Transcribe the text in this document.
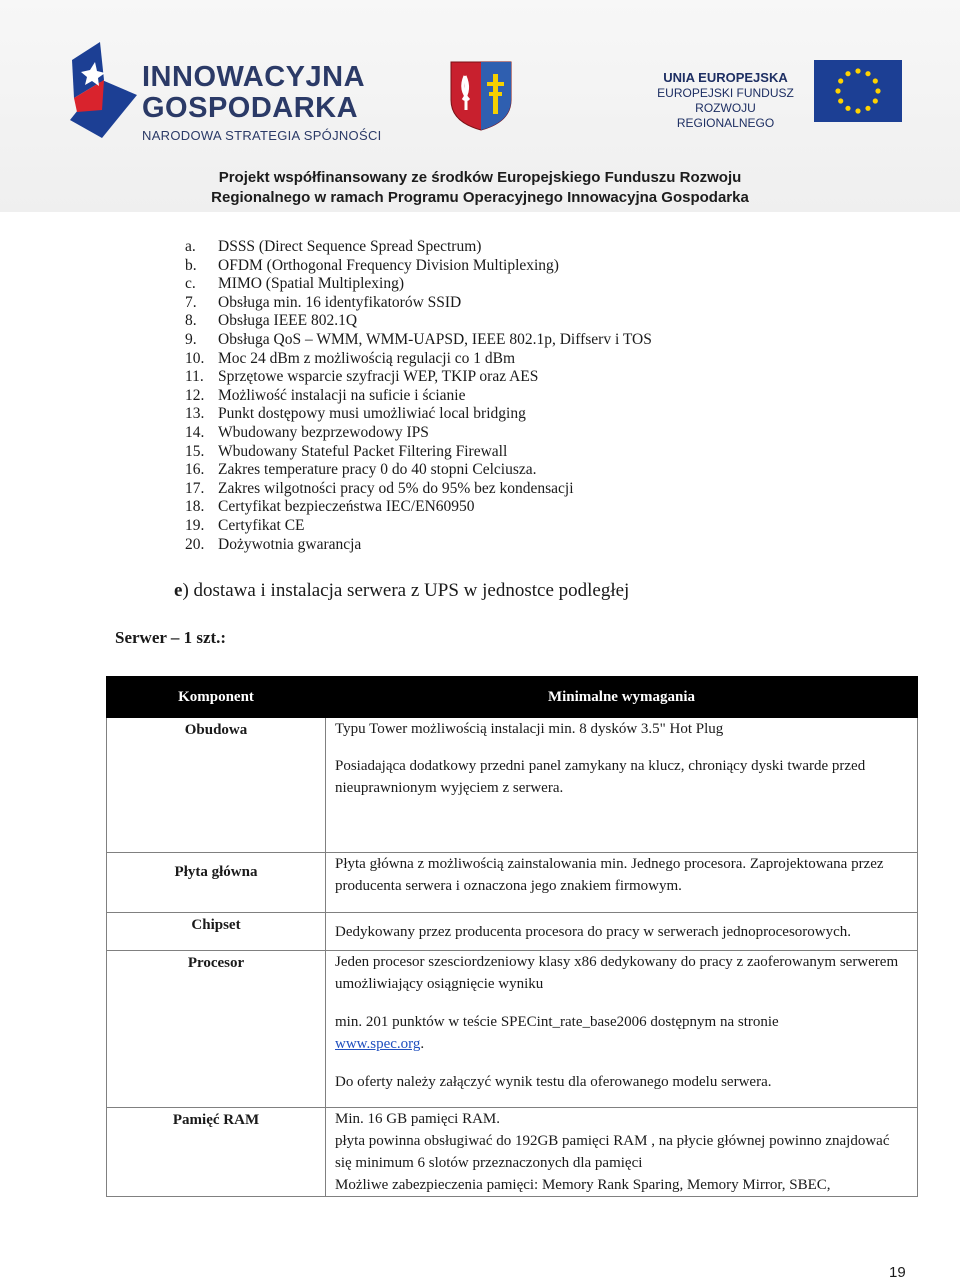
INNOWACYJNA
GOSPODARKA
NARODOWA STRATEGIA SPÓJNOŚCI
UNIA EUROPEJSKA
EUROPEJSKI FUNDUSZ
ROZWOJU REGIONALNEGO
Projekt współfinansowany ze środków Europejskiego Funduszu Rozwoju
Regionalnego w ramach Programu Operacyjnego Innowacyjna Gospodarka
a. DSSS (Direct Sequence Spread Spectrum)
b. OFDM (Orthogonal Frequency Division Multiplexing)
c. MIMO (Spatial Multiplexing)
7. Obsługa min. 16 identyfikatorów SSID
8. Obsługa IEEE 802.1Q
9. Obsługa QoS – WMM, WMM-UAPSD, IEEE 802.1p, Diffserv i TOS
10. Moc 24 dBm z możliwością regulacji co 1 dBm
11. Sprzętowe wsparcie szyfracji WEP, TKIP oraz AES
12. Możliwość instalacji na suficie i ścianie
13. Punkt dostępowy musi umożliwiać local bridging
14. Wbudowany bezprzewodowy IPS
15. Wbudowany Stateful Packet Filtering Firewall
16. Zakres temperature pracy 0 do 40 stopni Celciusza.
17. Zakres wilgotności pracy od 5% do 95% bez kondensacji
18. Certyfikat bezpieczeństwa IEC/EN60950
19. Certyfikat CE
20. Dożywotnia gwarancja
e) dostawa i instalacja serwera z UPS w jednostce podległej
Serwer – 1 szt.:
Komponent	Minimalne wymagania
Obudowa	Typu Tower możliwością instalacji min. 8 dysków 3.5" Hot Plug

Posiadająca dodatkowy przedni panel zamykany na klucz, chroniący dyski twarde przed nieuprawnionym wyjęciem z serwera.

Płyta główna	Płyta główna z możliwością zainstalowania min. Jednego procesora. Zaprojektowana przez producenta serwera i oznaczona jego znakiem firmowym.

Chipset	Dedykowany przez producenta procesora do pracy w serwerach jednoprocesorowych.

Procesor	Jeden procesor szesciordzeniowy klasy x86 dedykowany do pracy z zaoferowanym serwerem umożliwiający osiągnięcie wyniku

min. 201 punktów w teście SPECint_rate_base2006 dostępnym na stronie

www.spec.org.

Do oferty należy załączyć wynik testu dla oferowanego modelu serwera.

Pamięć RAM	Min. 16 GB pamięci RAM.

płyta powinna obsługiwać do 192GB pamięci RAM , na płycie głównej powinno znajdować się minimum 6 slotów przeznaczonych dla pamięci

Możliwe zabezpieczenia pamięci: Memory Rank Sparing, Memory Mirror, SBEC,

19
